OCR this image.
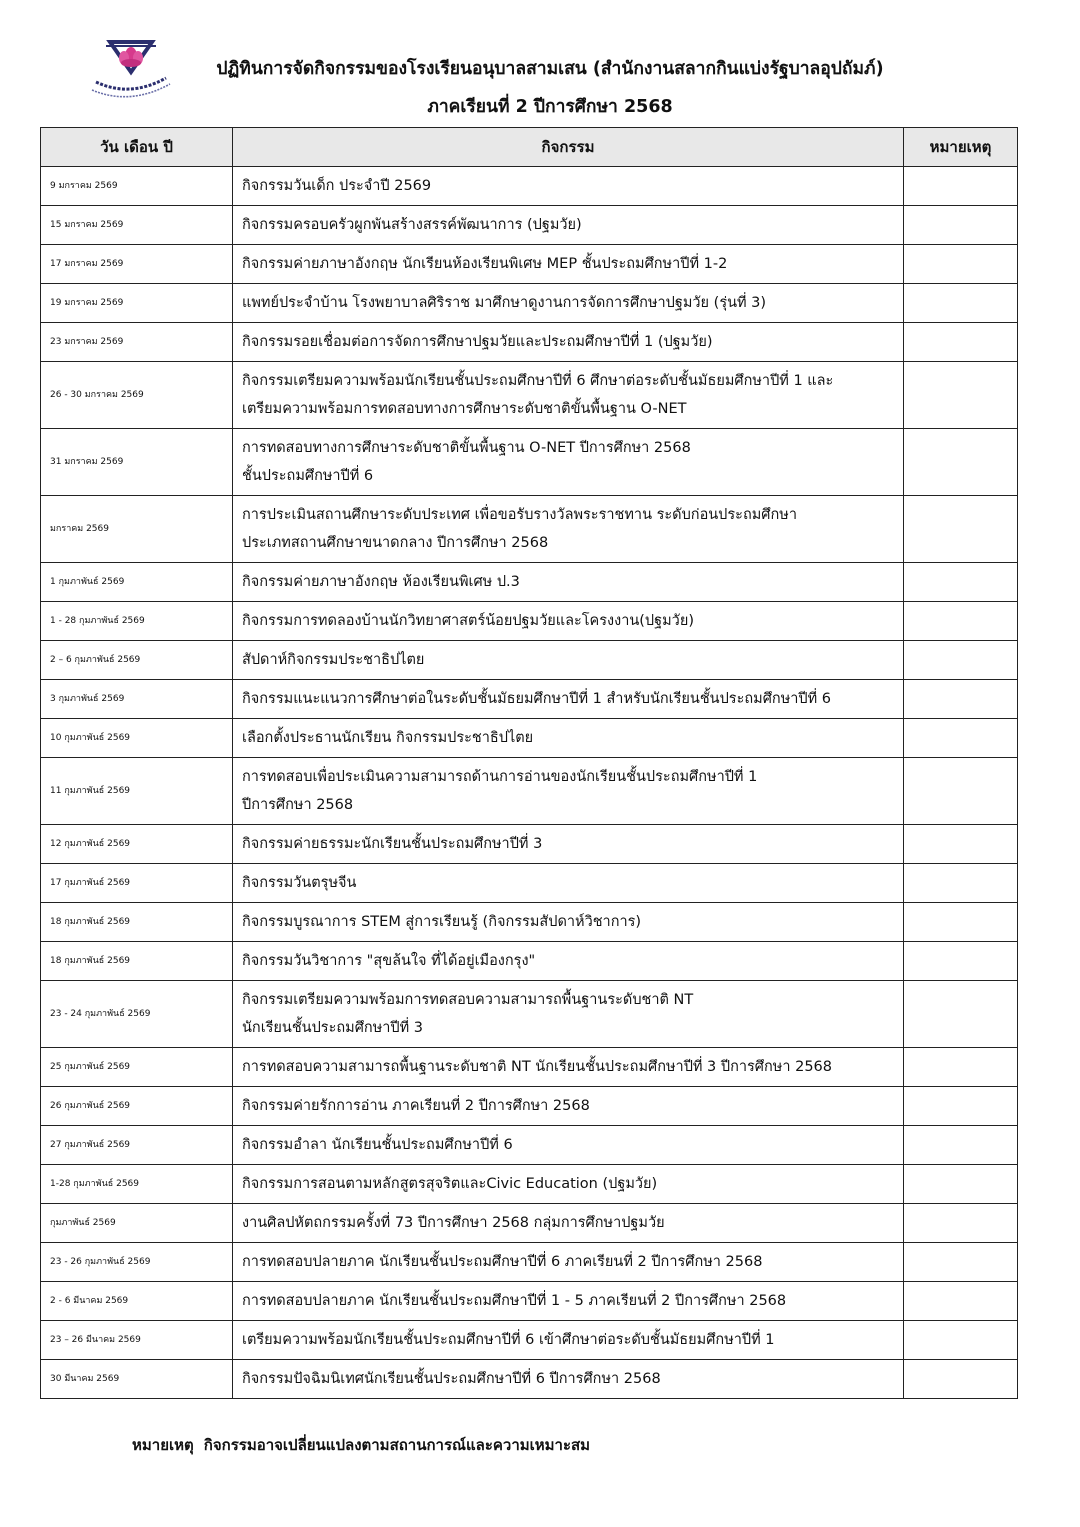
ปฏิทินการจัดกิจกรรมของโรงเรียนอนุบาลสามเสน (สำนักงานสลากกินแบ่งรัฐบาลอุปถัมภ์)
ภาคเรียนที่ 2 ปีการศึกษา 2568
วัน เดือน ปี	กิจกรรม	หมายเหตุ
9 มกราคม 2569	กิจกรรมวันเด็ก ประจำปี 2569	

15 มกราคม 2569	กิจกรรมครอบครัวผูกพันสร้างสรรค์พัฒนาการ (ปฐมวัย)	

17 มกราคม 2569	กิจกรรมค่ายภาษาอังกฤษ นักเรียนห้องเรียนพิเศษ MEP ชั้นประถมศึกษาปีที่ 1-2	

19 มกราคม 2569	แพทย์ประจำบ้าน โรงพยาบาลศิริราช มาศึกษาดูงานการจัดการศึกษาปฐมวัย (รุ่นที่ 3)	

23 มกราคม 2569	กิจกรรมรอยเชื่อมต่อการจัดการศึกษาปฐมวัยและประถมศึกษาปีที่ 1 (ปฐมวัย)	

26 - 30 มกราคม 2569	กิจกรรมเตรียมความพร้อมนักเรียนชั้นประถมศึกษาปีที่ 6 ศึกษาต่อระดับชั้นมัธยมศึกษาปีที่ 1 และ
เตรียมความพร้อมการทดสอบทางการศึกษาระดับชาติขั้นพื้นฐาน O-NET	

31 มกราคม 2569	การทดสอบทางการศึกษาระดับชาติขั้นพื้นฐาน O-NET ปีการศึกษา 2568
ชั้นประถมศึกษาปีที่ 6	

มกราคม 2569	การประเมินสถานศึกษาระดับประเทศ เพื่อขอรับรางวัลพระราชทาน ระดับก่อนประถมศึกษา
ประเภทสถานศึกษาขนาดกลาง ปีการศึกษา 2568	

1 กุมภาพันธ์ 2569	กิจกรรมค่ายภาษาอังกฤษ ห้องเรียนพิเศษ ป.3	

1 - 28 กุมภาพันธ์ 2569	กิจกรรมการทดลองบ้านนักวิทยาศาสตร์น้อยปฐมวัยและโครงงาน(ปฐมวัย)	

2 – 6 กุมภาพันธ์ 2569	สัปดาห์กิจกรรมประชาธิปไตย	

3 กุมภาพันธ์ 2569	กิจกรรมแนะแนวการศึกษาต่อในระดับชั้นมัธยมศึกษาปีที่ 1 สำหรับนักเรียนชั้นประถมศึกษาปีที่ 6	

10 กุมภาพันธ์ 2569	เลือกตั้งประธานนักเรียน กิจกรรมประชาธิปไตย	

11 กุมภาพันธ์ 2569	การทดสอบเพื่อประเมินความสามารถด้านการอ่านของนักเรียนชั้นประถมศึกษาปีที่ 1
ปีการศึกษา 2568	

12 กุมภาพันธ์ 2569	กิจกรรมค่ายธรรมะนักเรียนชั้นประถมศึกษาปีที่ 3	

17 กุมภาพันธ์ 2569	กิจกรรมวันตรุษจีน	

18 กุมภาพันธ์ 2569	กิจกรรมบูรณาการ STEM สู่การเรียนรู้ (กิจกรรมสัปดาห์วิชาการ)	

18 กุมภาพันธ์ 2569	กิจกรรมวันวิชาการ "สุขล้นใจ ที่ได้อยู่เมืองกรุง"	

23 - 24 กุมภาพันธ์ 2569	กิจกรรมเตรียมความพร้อมการทดสอบความสามารถพื้นฐานระดับชาติ NT
นักเรียนชั้นประถมศึกษาปีที่ 3	

25 กุมภาพันธ์ 2569	การทดสอบความสามารถพื้นฐานระดับชาติ NT นักเรียนชั้นประถมศึกษาปีที่ 3 ปีการศึกษา 2568	

26 กุมภาพันธ์ 2569	กิจกรรมค่ายรักการอ่าน ภาคเรียนที่ 2 ปีการศึกษา 2568	

27 กุมภาพันธ์ 2569	กิจกรรมอำลา นักเรียนชั้นประถมศึกษาปีที่ 6	

1-28 กุมภาพันธ์ 2569	กิจกรรมการสอนตามหลักสูตรสุจริตและCivic Education (ปฐมวัย)	

กุมภาพันธ์ 2569	งานศิลปหัตถกรรมครั้งที่ 73 ปีการศึกษา 2568 กลุ่มการศึกษาปฐมวัย	

23 - 26 กุมภาพันธ์ 2569	การทดสอบปลายภาค นักเรียนชั้นประถมศึกษาปีที่ 6 ภาคเรียนที่ 2 ปีการศึกษา 2568	

2 - 6 มีนาคม 2569	การทดสอบปลายภาค นักเรียนชั้นประถมศึกษาปีที่ 1 - 5 ภาคเรียนที่ 2 ปีการศึกษา 2568	

23 – 26 มีนาคม 2569	เตรียมความพร้อมนักเรียนชั้นประถมศึกษาปีที่ 6 เข้าศึกษาต่อระดับชั้นมัธยมศึกษาปีที่ 1	

30 มีนาคม 2569	กิจกรรมปัจฉิมนิเทศนักเรียนชั้นประถมศึกษาปีที่ 6 ปีการศึกษา 2568	

หมายเหตุ กิจกรรมอาจเปลี่ยนแปลงตามสถานการณ์และความเหมาะสม
